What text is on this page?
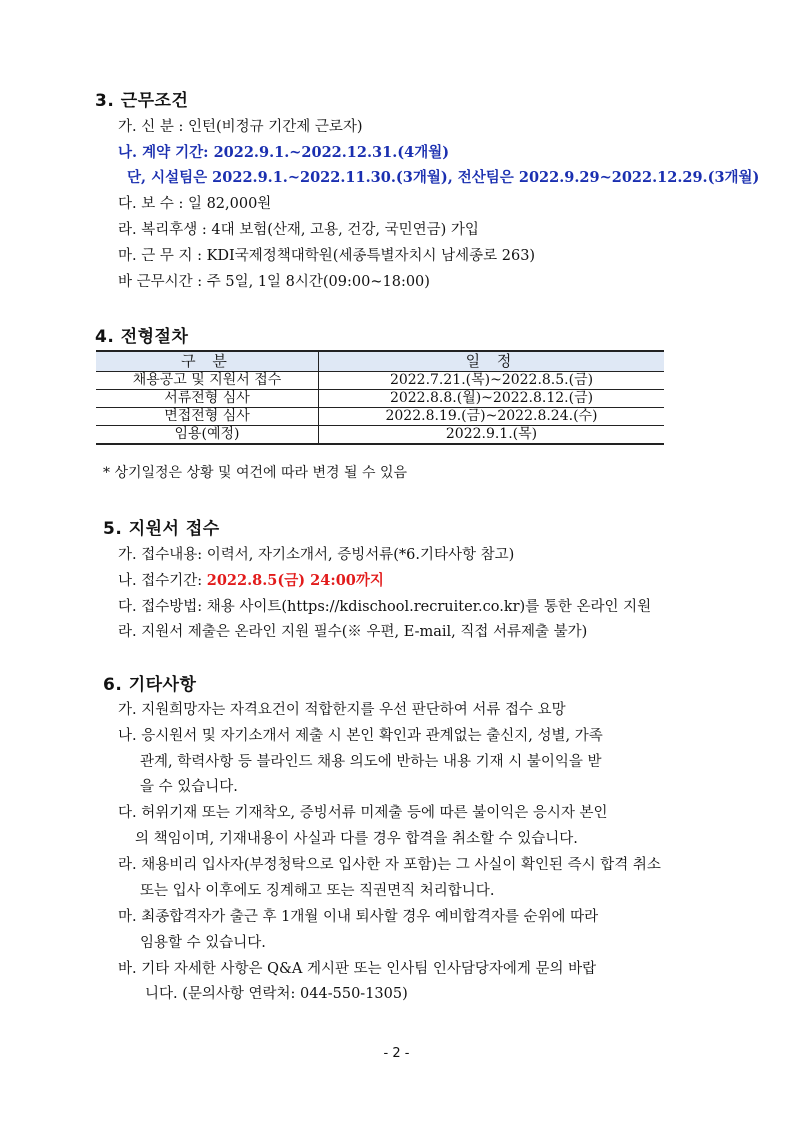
3. 근무조건
가. 신 분 : 인턴(비정규 기간제 근로자)
나. 계약 기간: 2022.9.1.~2022.12.31.(4개월)
단, 시설팀은 2022.9.1.~2022.11.30.(3개월), 전산팀은 2022.9.29~2022.12.29.(3개월)
다. 보 수 : 일 82,000원
라. 복리후생 : 4대 보험(산재, 고용, 건강, 국민연금) 가입
마. 근 무 지 : KDI국제정책대학원(세종특별자치시 남세종로 263)
바 근무시간 : 주 5일, 1일 8시간(09:00~18:00)
4. 전형절차
구 분	일 정
채용공고 및 지원서 접수	2022.7.21.(목)~2022.8.5.(금)
서류전형 심사	2022.8.8.(월)~2022.8.12.(금)
면접전형 심사	2022.8.19.(금)~2022.8.24.(수)
임용(예정)	2022.9.1.(목)
* 상기일정은 상황 및 여건에 따라 변경 될 수 있음
5. 지원서 접수
가. 접수내용: 이력서, 자기소개서, 증빙서류(*6.기타사항 참고)
나. 접수기간: 2022.8.5(금) 24:00까지
다. 접수방법: 채용 사이트(https://kdischool.recruiter.co.kr)를 통한 온라인 지원
라. 지원서 제출은 온라인 지원 필수(※ 우편, E-mail, 직접 서류제출 불가)
6. 기타사항
가. 지원희망자는 자격요건이 적합한지를 우선 판단하여 서류 접수 요망
나. 응시원서 및 자기소개서 제출 시 본인 확인과 관계없는 출신지, 성별, 가족
관계, 학력사항 등 블라인드 채용 의도에 반하는 내용 기재 시 불이익을 받
을 수 있습니다.
다. 허위기재 또는 기재착오, 증빙서류 미제출 등에 따른 불이익은 응시자 본인
의 책임이며, 기재내용이 사실과 다를 경우 합격을 취소할 수 있습니다.
라. 채용비리 입사자(부정청탁으로 입사한 자 포함)는 그 사실이 확인된 즉시 합격 취소
또는 입사 이후에도 징계해고 또는 직권면직 처리합니다.
마. 최종합격자가 출근 후 1개월 이내 퇴사할 경우 예비합격자를 순위에 따라
임용할 수 있습니다.
바. 기타 자세한 사항은 Q&A 게시판 또는 인사팀 인사담당자에게 문의 바랍
니다. (문의사항 연락처: 044-550-1305)
- 2 -
